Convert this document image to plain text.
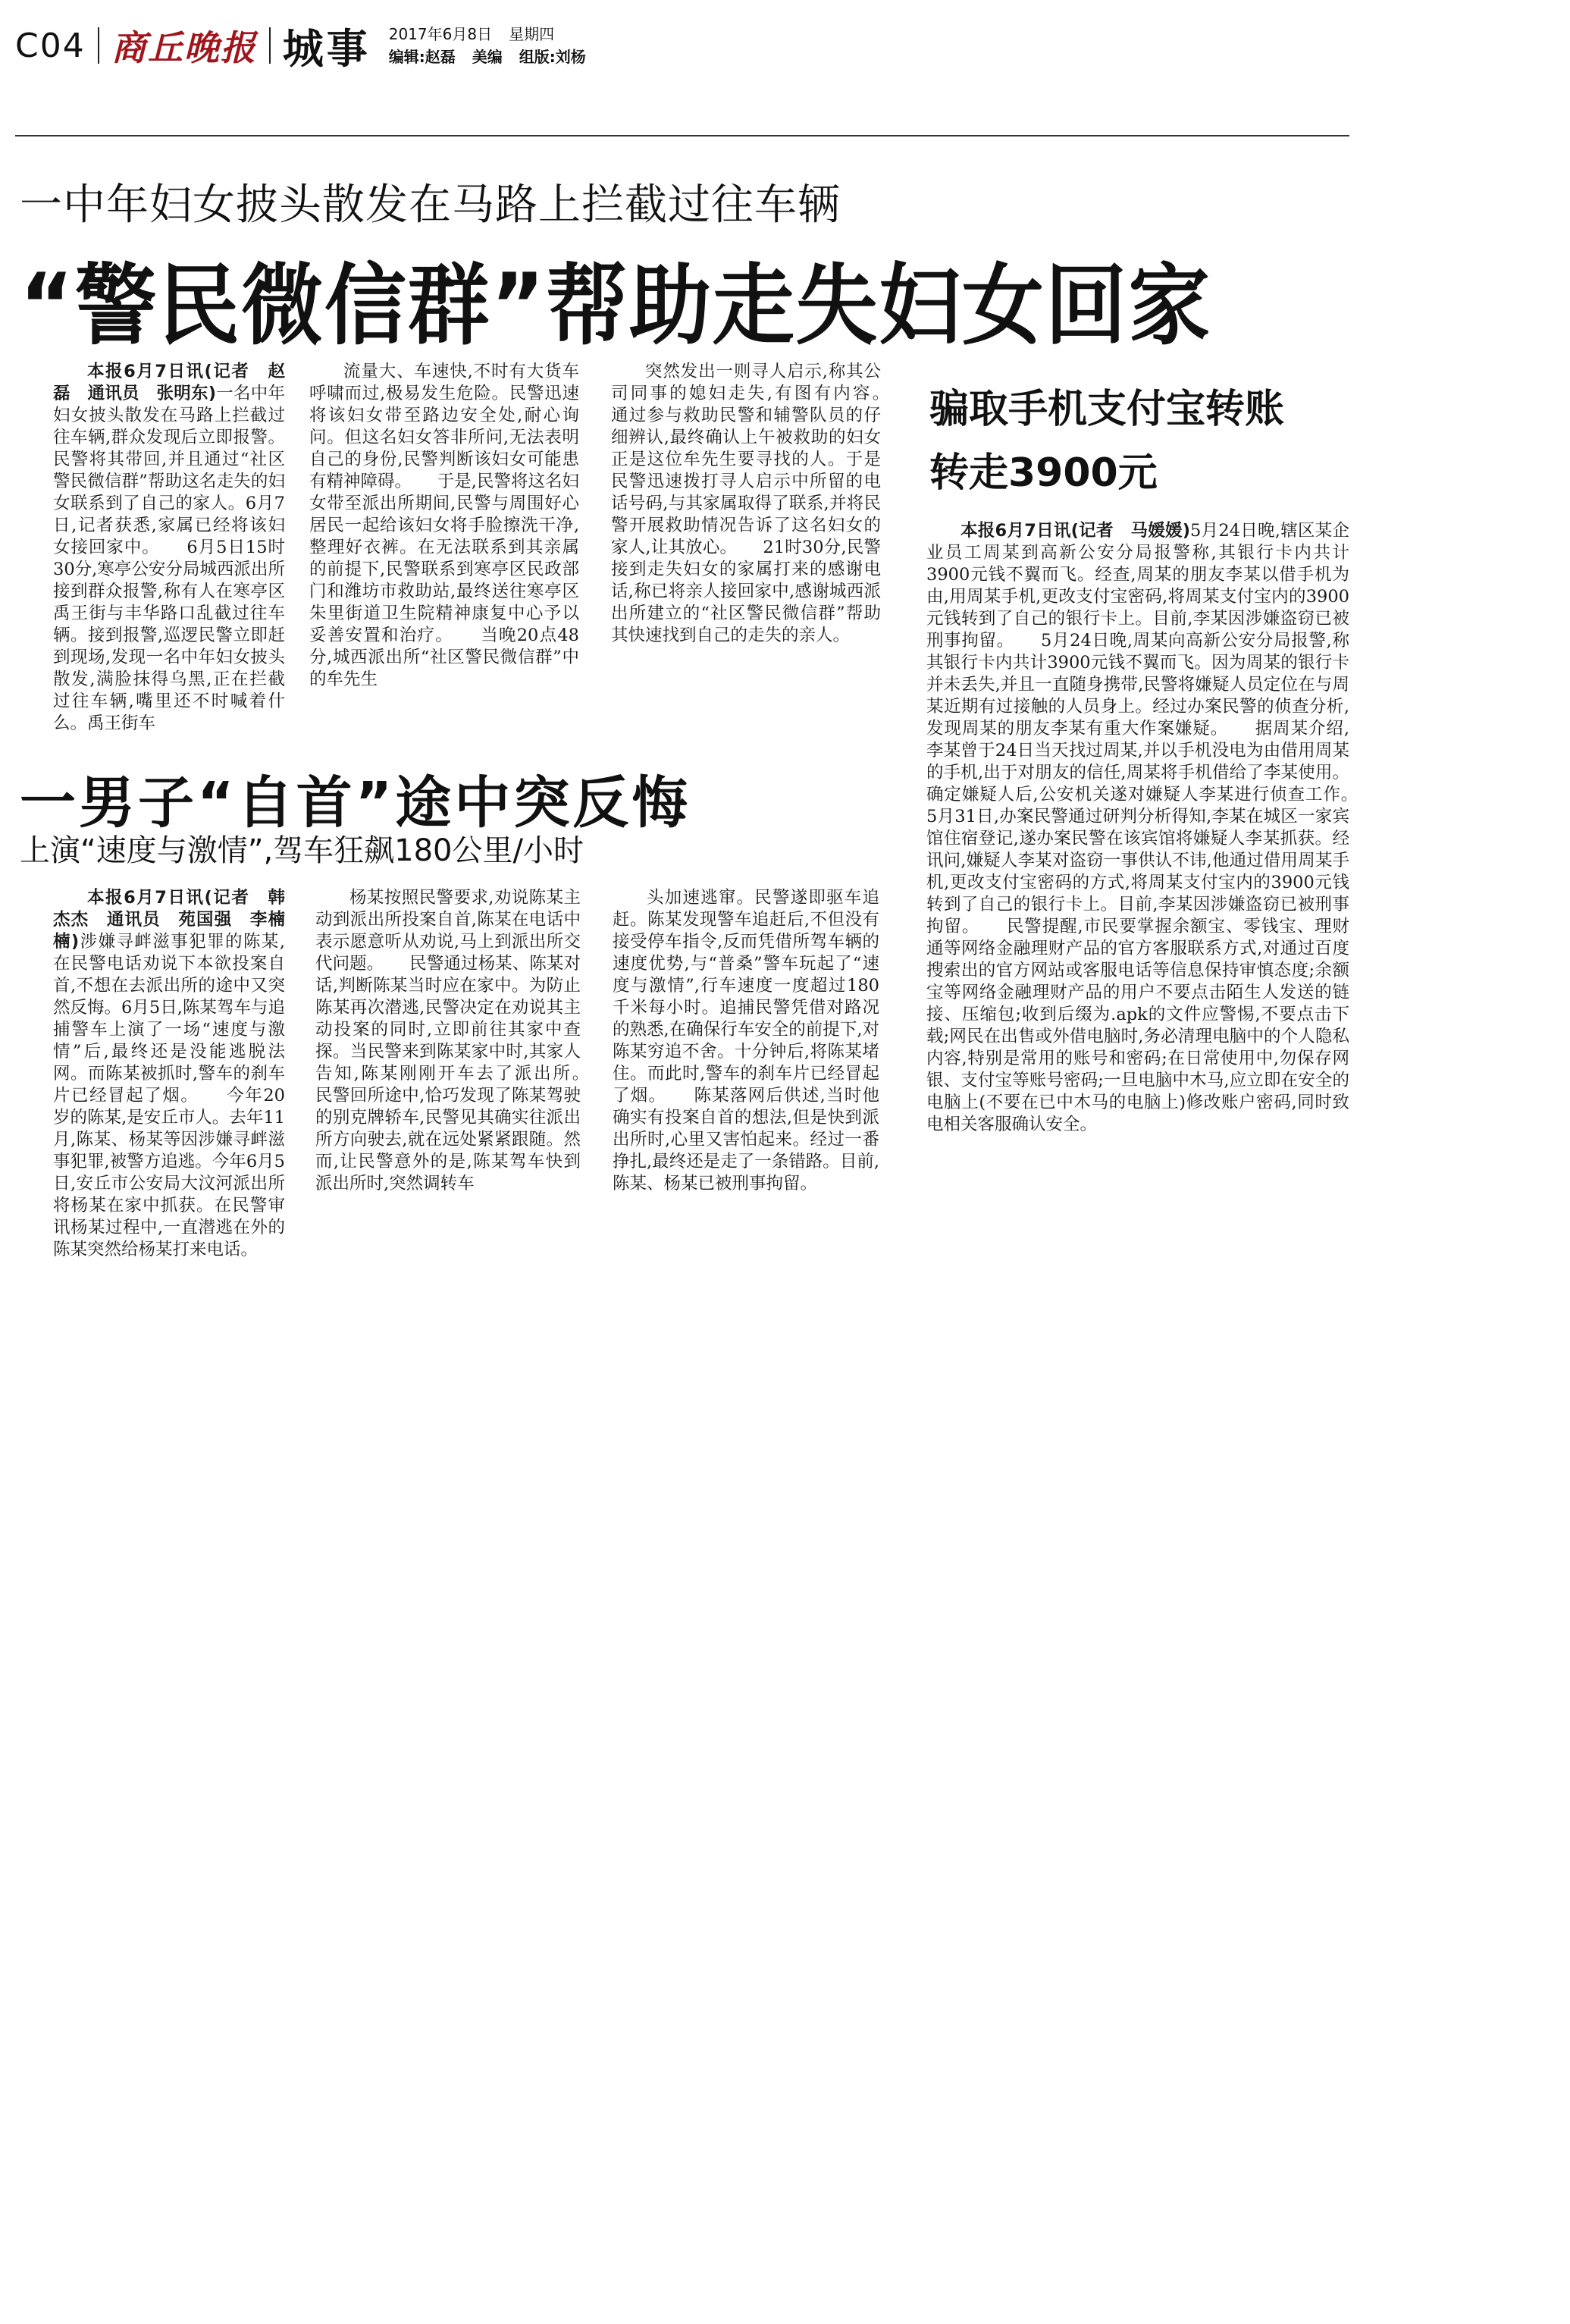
C04 商丘晚报 城事 2017年6月8日 星期四
编辑:赵磊 美编 组版:刘杨
一中年妇女披头散发在马路上拦截过往车辆
“警民微信群”帮助走失妇女回家

本报6月7日讯(记者　赵磊　通讯员　张明东)一名中年妇女披头散发在马路上拦截过往车辆,群众发现后立即报警。民警将其带回,并且通过“社区警民微信群”帮助这名走失的妇女联系到了自己的家人。6月7日,记者获悉,家属已经将该妇女接回家中。　　6月5日15时30分,寒亭公安分局城西派出所接到群众报警,称有人在寒亭区禹王街与丰华路口乱截过往车辆。接到报警,巡逻民警立即赶到现场,发现一名中年妇女披头散发,满脸抹得乌黑,正在拦截过往车辆,嘴里还不时喊着什么。禹王街车

流量大、车速快,不时有大货车呼啸而过,极易发生危险。民警迅速将该妇女带至路边安全处,耐心询问。但这名妇女答非所问,无法表明自己的身份,民警判断该妇女可能患有精神障碍。　　于是,民警将这名妇女带至派出所期间,民警与周围好心居民一起给该妇女将手脸擦洗干净,整理好衣裤。在无法联系到其亲属的前提下,民警联系到寒亭区民政部门和潍坊市救助站,最终送往寒亭区朱里街道卫生院精神康复中心予以妥善安置和治疗。　　当晚20点48分,城西派出所“社区警民微信群”中的牟先生

突然发出一则寻人启示,称其公司同事的媳妇走失,有图有内容。　　通过参与救助民警和辅警队员的仔细辨认,最终确认上午被救助的妇女正是这位牟先生要寻找的人。于是民警迅速拨打寻人启示中所留的电话号码,与其家属取得了联系,并将民警开展救助情况告诉了这名妇女的家人,让其放心。　　21时30分,民警接到走失妇女的家属打来的感谢电话,称已将亲人接回家中,感谢城西派出所建立的“社区警民微信群”帮助其快速找到自己的走失的亲人。

一男子“自首”途中突反悔
上演“速度与激情”,驾车狂飙180公里/小时

本报6月7日讯(记者　韩杰杰　通讯员　苑国强　李楠楠)涉嫌寻衅滋事犯罪的陈某,在民警电话劝说下本欲投案自首,不想在去派出所的途中又突然反悔。6月5日,陈某驾车与追捕警车上演了一场“速度与激情”后,最终还是没能逃脱法网。而陈某被抓时,警车的刹车片已经冒起了烟。　　今年20岁的陈某,是安丘市人。去年11月,陈某、杨某等因涉嫌寻衅滋事犯罪,被警方追逃。今年6月5日,安丘市公安局大汶河派出所将杨某在家中抓获。在民警审讯杨某过程中,一直潜逃在外的陈某突然给杨某打来电话。

杨某按照民警要求,劝说陈某主动到派出所投案自首,陈某在电话中表示愿意听从劝说,马上到派出所交代问题。　　民警通过杨某、陈某对话,判断陈某当时应在家中。为防止陈某再次潜逃,民警决定在劝说其主动投案的同时,立即前往其家中查探。当民警来到陈某家中时,其家人告知,陈某刚刚开车去了派出所。　　民警回所途中,恰巧发现了陈某驾驶的别克牌轿车,民警见其确实往派出所方向驶去,就在远处紧紧跟随。然而,让民警意外的是,陈某驾车快到派出所时,突然调转车

头加速逃窜。民警遂即驱车追赶。陈某发现警车追赶后,不但没有接受停车指令,反而凭借所驾车辆的速度优势,与“普桑”警车玩起了“速度与激情”,行车速度一度超过180千米每小时。追捕民警凭借对路况的熟悉,在确保行车安全的前提下,对陈某穷追不舍。十分钟后,将陈某堵住。而此时,警车的刹车片已经冒起了烟。　　陈某落网后供述,当时他确实有投案自首的想法,但是快到派出所时,心里又害怕起来。经过一番挣扎,最终还是走了一条错路。目前,陈某、杨某已被刑事拘留。

骗取手机支付宝转账
转走3900元

本报6月7日讯(记者　马媛媛)5月24日晚,辖区某企业员工周某到高新公安分局报警称,其银行卡内共计3900元钱不翼而飞。经查,周某的朋友李某以借手机为由,用周某手机,更改支付宝密码,将周某支付宝内的3900元钱转到了自己的银行卡上。目前,李某因涉嫌盗窃已被刑事拘留。　　5月24日晚,周某向高新公安分局报警,称其银行卡内共计3900元钱不翼而飞。因为周某的银行卡并未丢失,并且一直随身携带,民警将嫌疑人员定位在与周某近期有过接触的人员身上。经过办案民警的侦查分析,发现周某的朋友李某有重大作案嫌疑。　　据周某介绍,李某曾于24日当天找过周某,并以手机没电为由借用周某的手机,出于对朋友的信任,周某将手机借给了李某使用。确定嫌疑人后,公安机关遂对嫌疑人李某进行侦查工作。　　5月31日,办案民警通过研判分析得知,李某在城区一家宾馆住宿登记,遂办案民警在该宾馆将嫌疑人李某抓获。经讯问,嫌疑人李某对盗窃一事供认不讳,他通过借用周某手机,更改支付宝密码的方式,将周某支付宝内的3900元钱转到了自己的银行卡上。目前,李某因涉嫌盗窃已被刑事拘留。　　民警提醒,市民要掌握余额宝、零钱宝、理财通等网络金融理财产品的官方客服联系方式,对通过百度搜索出的官方网站或客服电话等信息保持审慎态度;余额宝等网络金融理财产品的用户不要点击陌生人发送的链接、压缩包;收到后缀为.apk的文件应警惕,不要点击下载;网民在出售或外借电脑时,务必清理电脑中的个人隐私内容,特别是常用的账号和密码;在日常使用中,勿保存网银、支付宝等账号密码;一旦电脑中木马,应立即在安全的电脑上(不要在已中木马的电脑上)修改账户密码,同时致电相关客服确认安全。
